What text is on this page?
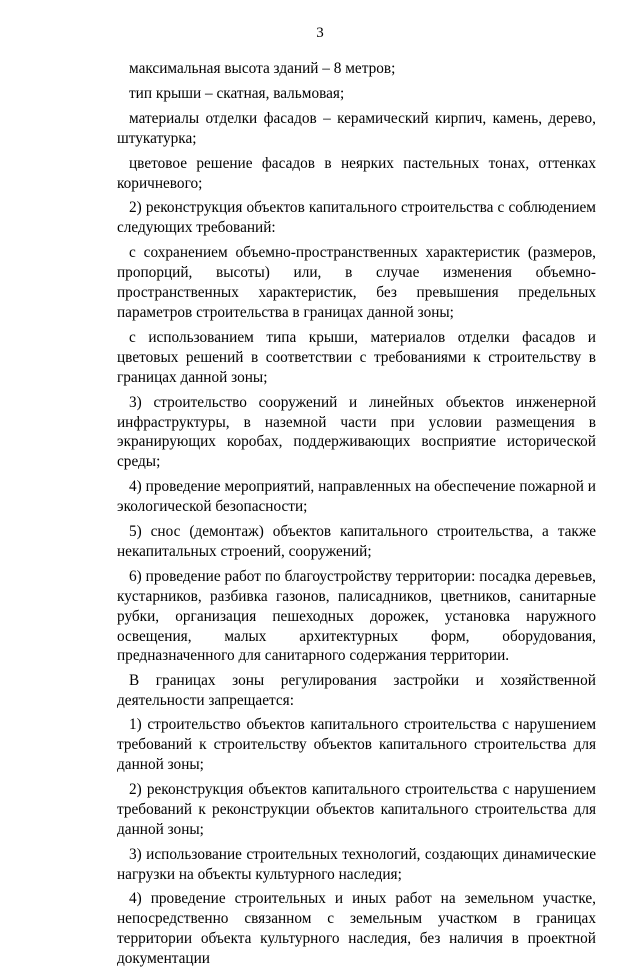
3

максимальная высота зданий – 8 метров;

тип крыши – скатная, вальмовая;

материалы отделки фасадов – керамический кирпич, камень, дерево, штукатурка;

цветовое решение фасадов в неярких пастельных тонах, оттенках коричневого;

2) реконструкция объектов капитального строительства с соблюдением следующих требований:

с сохранением объемно-пространственных характеристик (размеров, пропорций, высоты) или, в случае изменения объемно-пространственных характеристик, без превышения предельных параметров строительства в границах данной зоны;

с использованием типа крыши, материалов отделки фасадов и цветовых решений в соответствии с требованиями к строительству в границах данной зоны;

3) строительство сооружений и линейных объектов инженерной инфраструктуры, в наземной части при условии размещения в экранирующих коробах, поддерживающих восприятие исторической среды;

4) проведение мероприятий, направленных на обеспечение пожарной и экологической безопасности;

5) снос (демонтаж) объектов капитального строительства, а также некапитальных строений, сооружений;

6) проведение работ по благоустройству территории: посадка деревьев, кустарников, разбивка газонов, палисадников, цветников, санитарные рубки, организация пешеходных дорожек, установка наружного освещения, малых архитектурных форм, оборудования, предназначенного для санитарного содержания территории.

В границах зоны регулирования застройки и хозяйственной деятельности запрещается:

1) строительство объектов капитального строительства с нарушением требований к строительству объектов капитального строительства для данной зоны;

2) реконструкция объектов капитального строительства с нарушением требований к реконструкции объектов капитального строительства для данной зоны;

3) использование строительных технологий, создающих динамические нагрузки на объекты культурного наследия;

4) проведение строительных и иных работ на земельном участке, непосредственно связанном с земельным участком в границах территории объекта культурного наследия, без наличия в проектной документации
